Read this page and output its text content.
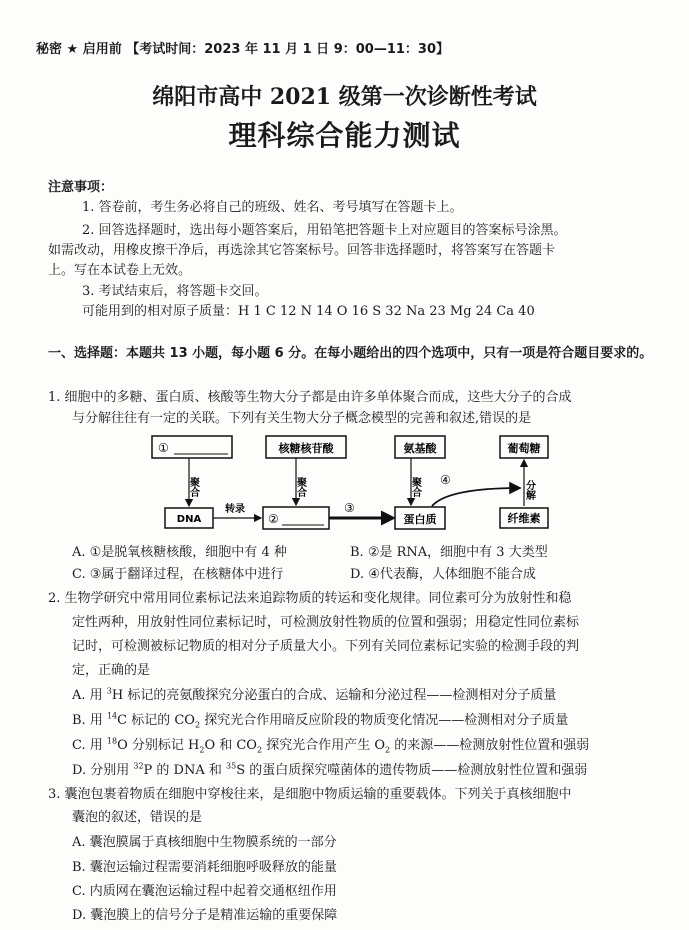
秘密 ★ 启用前 【考试时间：2023 年 11 月 1 日 9：00—11：30】
绵阳市高中 2021 级第一次诊断性考试
理科综合能力测试
注意事项：
1. 答卷前，考生务必将自己的班级、姓名、考号填写在答题卡上。
2. 回答选择题时，选出每小题答案后，用铅笔把答题卡上对应题目的答案标号涂黑。
如需改动，用橡皮擦干净后，再选涂其它答案标号。回答非选择题时，将答案写在答题卡
上。写在本试卷上无效。
3. 考试结束后，将答题卡交回。
可能用到的相对原子质量：H 1 C 12 N 14 O 16 S 32 Na 23 Mg 24 Ca 40
一、选择题：本题共 13 小题，每小题 6 分。在每小题给出的四个选项中，只有一项是符合题目要求的。
1. 细胞中的多糖、蛋白质、核酸等生物大分子都是由许多单体聚合而成，这些大分子的合成
与分解往往有一定的关联。下列有关生物大分子概念模型的完善和叙述,错误的是
①	核糖核苷酸	氨基酸	葡萄糖
DNA	②	蛋白质	纤维素
聚合	聚合	聚合	分解
转录	③
④
A. ①是脱氧核糖核酸，细胞中有 4 种	B. ②是 RNA，细胞中有 3 大类型
C. ③属于翻译过程，在核糖体中进行	D. ④代表酶，人体细胞不能合成
2. 生物学研究中常用同位素标记法来追踪物质的转运和变化规律。同位素可分为放射性和稳
定性两种，用放射性同位素标记时，可检测放射性物质的位置和强弱；用稳定性同位素标
记时，可检测被标记物质的相对分子质量大小。下列有关同位素标记实验的检测手段的判
定，正确的是
A. 用 $^3$H 标记的亮氨酸探究分泌蛋白的合成、运输和分泌过程——检测相对分子质量
B. 用 $^{14}$C 标记的 $CO_2$ 探究光合作用暗反应阶段的物质变化情况——检测相对分子质量
C. 用 $^{18}$O 分别标记 $H_2O$ 和 $CO_2$ 探究光合作用产生 $O_2$ 的来源——检测放射性位置和强弱
D. 分别用 $^{32}$P 的 DNA 和 $^{35}$S 的蛋白质探究噬菌体的遗传物质——检测放射性位置和强弱
3. 囊泡包裹着物质在细胞中穿梭往来，是细胞中物质运输的重要载体。下列关于真核细胞中
囊泡的叙述，错误的是
A. 囊泡膜属于真核细胞中生物膜系统的一部分
B. 囊泡运输过程需要消耗细胞呼吸释放的能量
C. 内质网在囊泡运输过程中起着交通枢纽作用
D. 囊泡膜上的信号分子是精准运输的重要保障
